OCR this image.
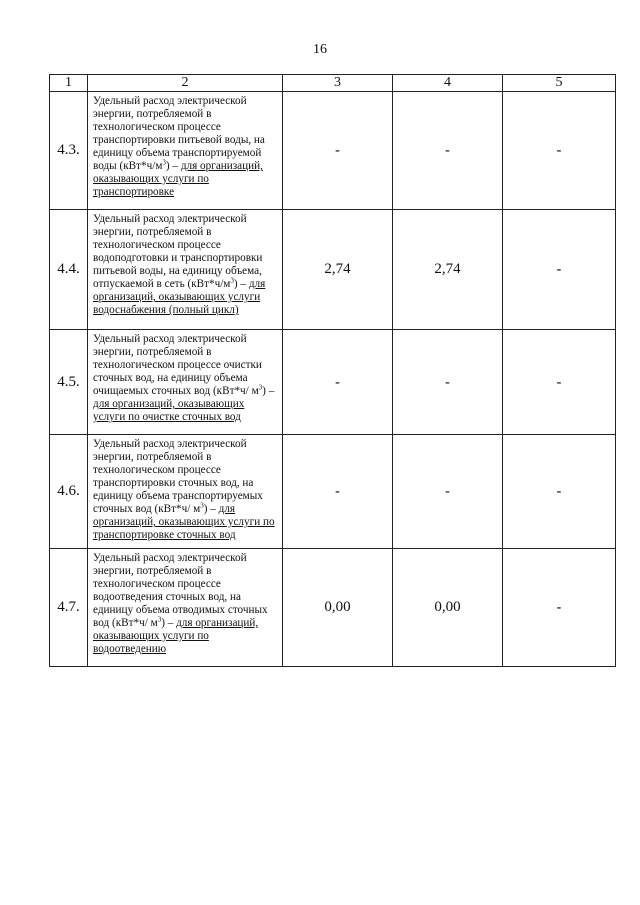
16
1	2	3	4	5
4.3.	Удельный расход электрической энергии, потребляемой в технологическом процессе транспортировки питьевой воды, на единицу объема транспортируемой воды $(кВт*ч/м^3)$ – для организаций, оказывающих услуги по транспортировке	-	-	-
4.4.	Удельный расход электрической энергии, потребляемой в технологическом процессе водоподготовки и транспортировки питьевой воды, на единицу объема, отпускаемой в сеть $(кВт*ч/м^3)$ – для организаций, оказывающих услуги водоснабжения (полный цикл)	2,74	2,74	-
4.5.	Удельный расход электрической энергии, потребляемой в технологическом процессе очистки сточных вод, на единицу объема очищаемых сточных вод (кВт*ч/ $м^3$) – для организаций, оказывающих услуги по очистке сточных вод	-	-	-
4.6.	Удельный расход электрической энергии, потребляемой в технологическом процессе транспортировки сточных вод, на единицу объема транспортируемых сточных вод (кВт*ч/ $м^3$) – для организаций, оказывающих услуги по транспортировке сточных вод	-	-	-
4.7.	Удельный расход электрической энергии, потребляемой в технологическом процессе водоотведения сточных вод, на единицу объема отводимых сточных вод (кВт*ч/ $м^3$) – для организаций, оказывающих услуги по водоотведению	0,00	0,00	-
